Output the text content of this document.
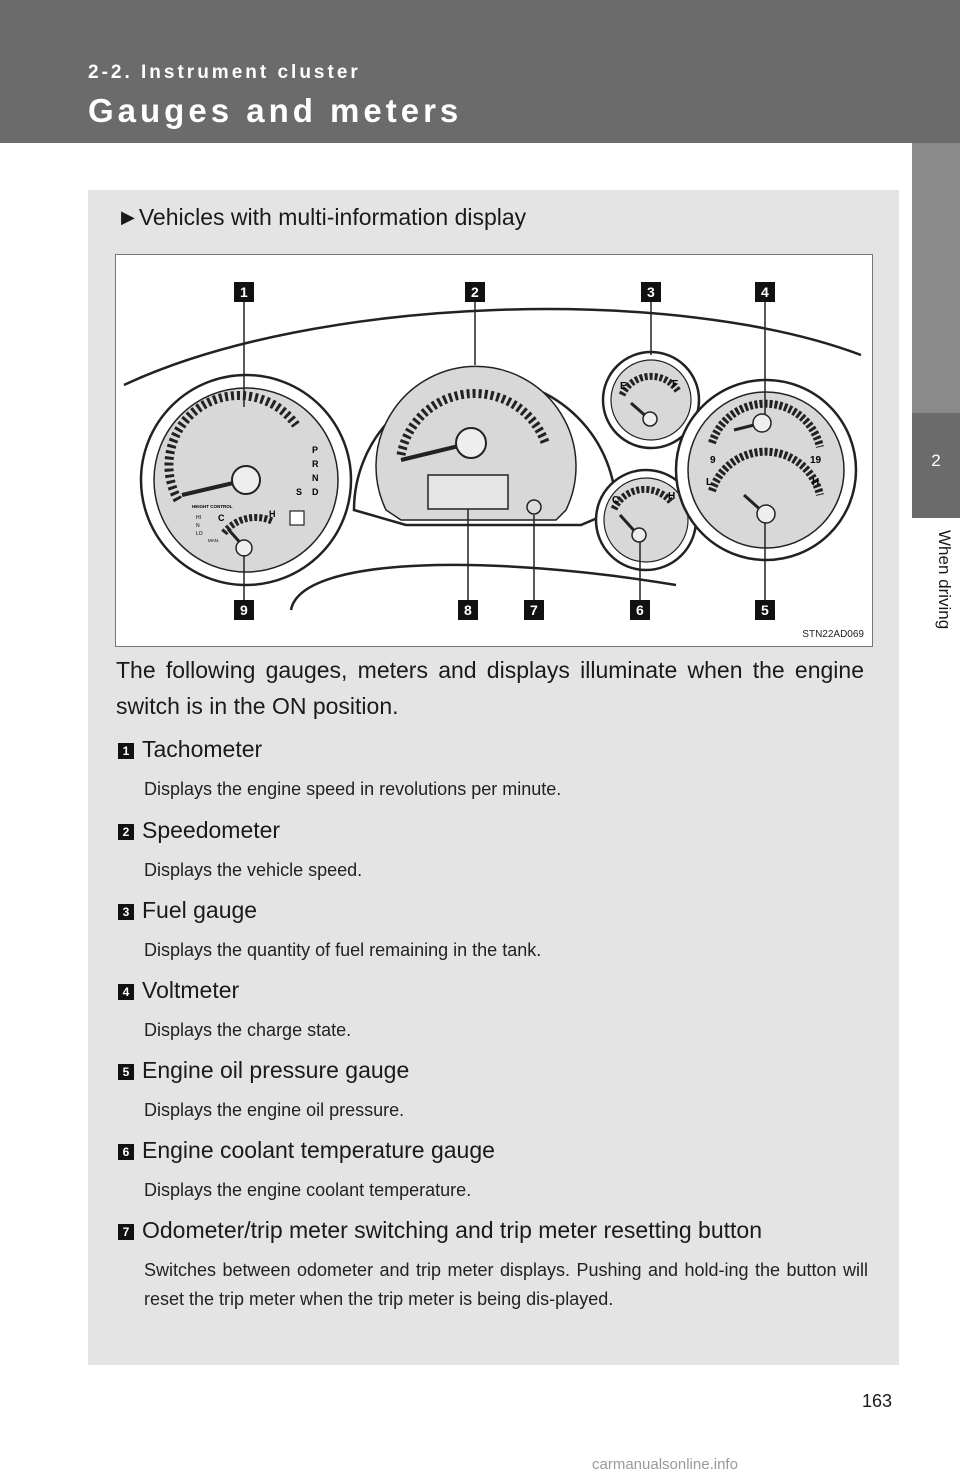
2-2. Instrument cluster
Gauges and meters
2
When driving
▶ Vehicles with multi-information display
P
R
N
D
S
HEIGHT CONTROL
HI
N
LO
MAN.
C	H
E	F
C	H
9	19
L	H
1	2	3	4
5
6
7
8
9
STN22AD069
The following gauges, meters and displays illuminate when the engine switch is in the ON position.
1 Tachometer
Displays the engine speed in revolutions per minute.
2 Speedometer
Displays the vehicle speed.
3 Fuel gauge
Displays the quantity of fuel remaining in the tank.
4 Voltmeter
Displays the charge state.
5 Engine oil pressure gauge
Displays the engine oil pressure.
6 Engine coolant temperature gauge
Displays the engine coolant temperature.
7 Odometer/trip meter switching and trip meter resetting button
Switches between odometer and trip meter displays. Pushing and hold-ing the button will reset the trip meter when the trip meter is being dis-played.
163
carmanualsonline.info
